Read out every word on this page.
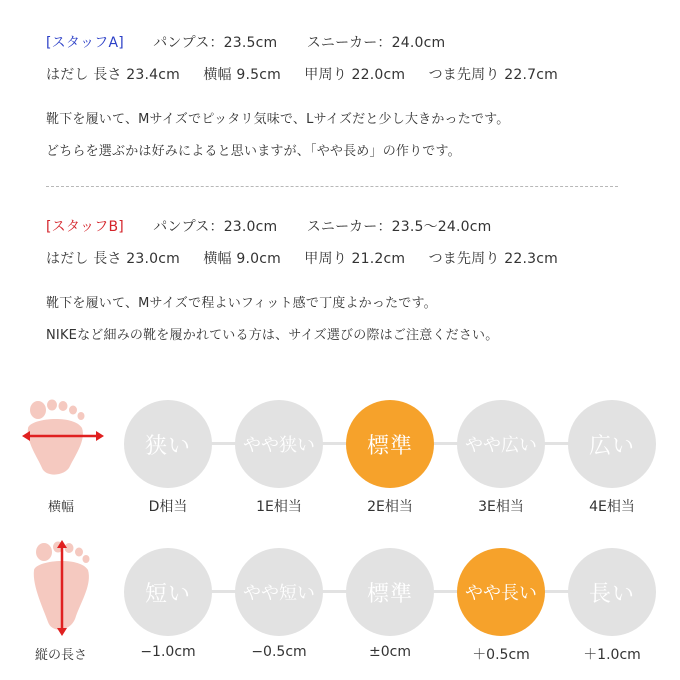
[スタッフA] パンプス：23.5cm スニーカー：24.0cm
はだし 長さ 23.4cm 横幅 9.5cm 甲周り 22.0cm つま先周り 22.7cm
靴下を履いて、Mサイズでピッタリ気味で、Lサイズだと少し大きかったです。
どちらを選ぶかは好みによると思いますが、「やや長め」の作りです。
[スタッフB] パンプス：23.0cm スニーカー：23.5〜24.0cm
はだし 長さ 23.0cm 横幅 9.0cm 甲周り 21.2cm つま先周り 22.3cm
靴下を履いて、Mサイズで程よいフィット感で丁度よかったです。
NIKEなど細みの靴を履かれている方は、サイズ選びの際はご注意ください。
横幅
狭い	やや狭い	標準	やや広い	広い
D相当	1E相当	2E相当	3E相当	4E相当
縦の長さ
短い	やや短い	標準	やや長い	長い
−1.0cm	−0.5cm	±0cm	＋0.5cm	＋1.0cm
